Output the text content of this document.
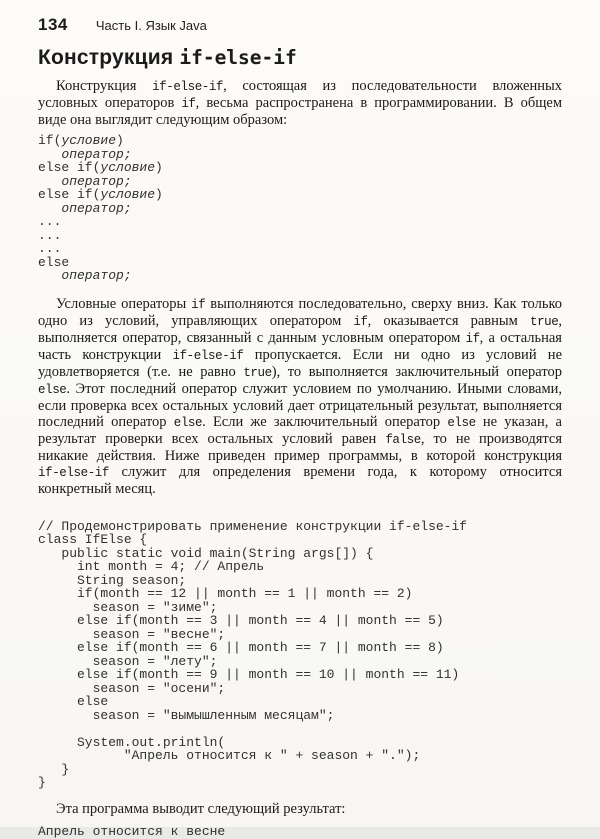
134 Часть I. Язык Java
Конструкция if-else-if

Конструкция if-else-if, состоящая из последовательности вложенных условных операторов if, весьма распространена в программировании. В общем виде она выглядит следующим образом:

if(условие)
оператор;
else if(условие)
оператор;
else if(условие)
оператор;
...
...
...
else
оператор;

Условные операторы if выполняются последовательно, сверху вниз. Как только одно из условий, управляющих оператором if, оказывается равным true, выполняется оператор, связанный с данным условным оператором if, а остальная часть конструкции if-else-if пропускается. Если ни одно из условий не удовлетворяется (т.е. не равно true), то выполняется заключительный оператор else. Этот последний оператор служит условием по умолчанию. Иными словами, если проверка всех остальных условий дает отрицательный результат, выполняется последний оператор else. Если же заключительный оператор else не указан, а результат проверки всех остальных условий равен false, то не производятся никакие действия. Ниже приведен пример программы, в которой конструкция if-else-if служит для определения времени года, к которому относится конкретный месяц.

// Продемонстрировать применение конструкции if-else-if
class IfElse {
public static void main(String args[]) {
int month = 4; // Апрель
String season;
if(month == 12 || month == 1 || month == 2)
season = "зиме";
else if(month == 3 || month == 4 || month == 5)
season = "весне";
else if(month == 6 || month == 7 || month == 8)
season = "лету";
else if(month == 9 || month == 10 || month == 11)
season = "осени";
else
season = "вымышленным месяцам";

System.out.println(
"Апрель относится к " + season + ".");
}
}

Эта программа выводит следующий результат:

Апрель относится к весне
